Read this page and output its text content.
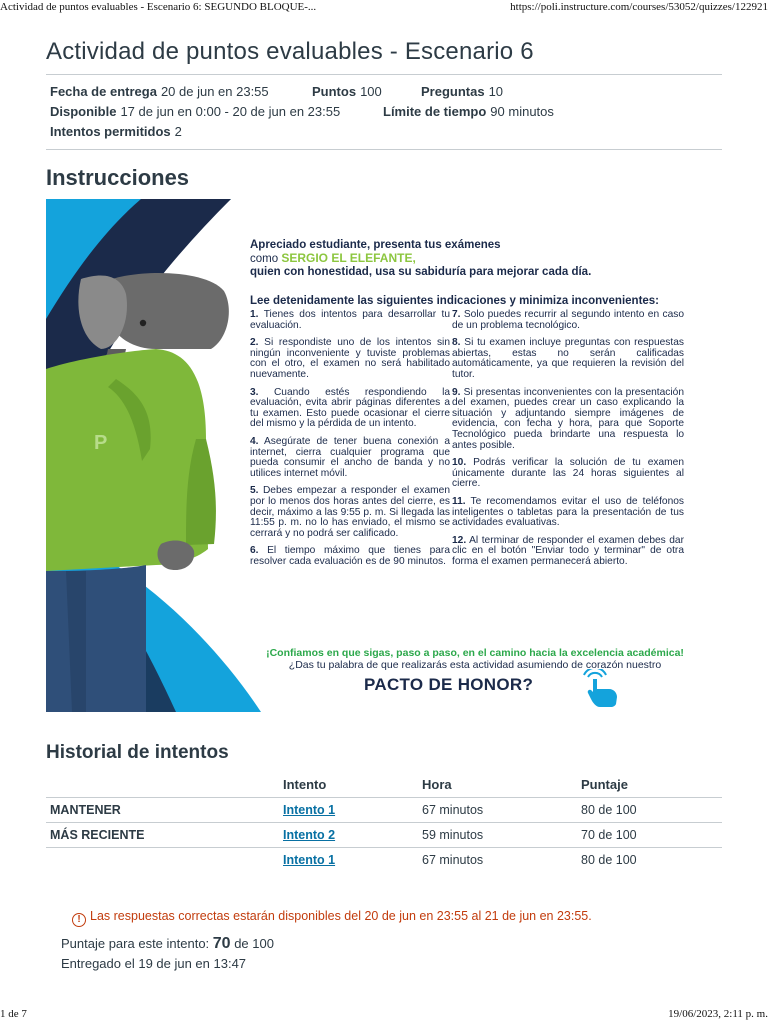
Actividad de puntos evaluables - Escenario 6: SEGUNDO BLOQUE-...	https://poli.instructure.com/courses/53052/quizzes/122921
Actividad de puntos evaluables - Escenario 6
Fecha de entrega 20 de jun en 23:55	Puntos 100	Preguntas 10
Disponible 17 de jun en 0:00 - 20 de jun en 23:55	Límite de tiempo 90 minutos
Intentos permitidos 2
Instrucciones
P
Apreciado estudiante, presenta tus exámenes
como SERGIO EL ELEFANTE,
quien con honestidad, usa su sabiduría para mejorar cada día.
Lee detenidamente las siguientes indicaciones y minimiza inconvenientes:
1. Tienes dos intentos para desarrollar tu evaluación.
2. Si respondiste uno de los intentos sin ningún inconveniente y tuviste problemas con el otro, el examen no será habilitado nuevamente.
3. Cuando estés respondiendo la evaluación, evita abrir páginas diferentes a tu examen. Esto puede ocasionar el cierre del mismo y la pérdida de un intento.
4. Asegúrate de tener buena conexión a internet, cierra cualquier programa que pueda consumir el ancho de banda y no utilices internet móvil.
5. Debes empezar a responder el examen por lo menos dos horas antes del cierre, es decir, máximo a las 9:55 p. m. Si llegada las 11:55 p. m. no lo has enviado, el mismo se cerrará y no podrá ser calificado.
6. El tiempo máximo que tienes para resolver cada evaluación es de 90 minutos.
7. Solo puedes recurrir al segundo intento en caso de un problema tecnológico.
8. Si tu examen incluye preguntas con respuestas abiertas, estas no serán calificadas automáticamente, ya que requieren la revisión del tutor.
9. Si presentas inconvenientes con la presentación del examen, puedes crear un caso explicando la situación y adjuntando siempre imágenes de evidencia, con fecha y hora, para que Soporte Tecnológico pueda brindarte una respuesta lo antes posible.
10. Podrás verificar la solución de tu examen únicamente durante las 24 horas siguientes al cierre.
11. Te recomendamos evitar el uso de teléfonos inteligentes o tabletas para la presentación de tus actividades evaluativas.
12. Al terminar de responder el examen debes dar clic en el botón "Enviar todo y terminar" de otra forma el examen permanecerá abierto.
¡Confiamos en que sigas, paso a paso, en el camino hacia la excelencia académica!
¿Das tu palabra de que realizarás esta actividad asumiendo de corazón nuestro
PACTO DE HONOR?
Historial de intentos
	Intento	Hora	Puntaje
MANTENER	Intento 1	67 minutos	80 de 100
MÁS RECIENTE	Intento 2	59 minutos	70 de 100
	Intento 1	67 minutos	80 de 100
! Las respuestas correctas estarán disponibles del 20 de jun en 23:55 al 21 de jun en 23:55.
Puntaje para este intento: 70 de 100
Entregado el 19 de jun en 13:47
1 de 7	19/06/2023, 2:11 p. m.
